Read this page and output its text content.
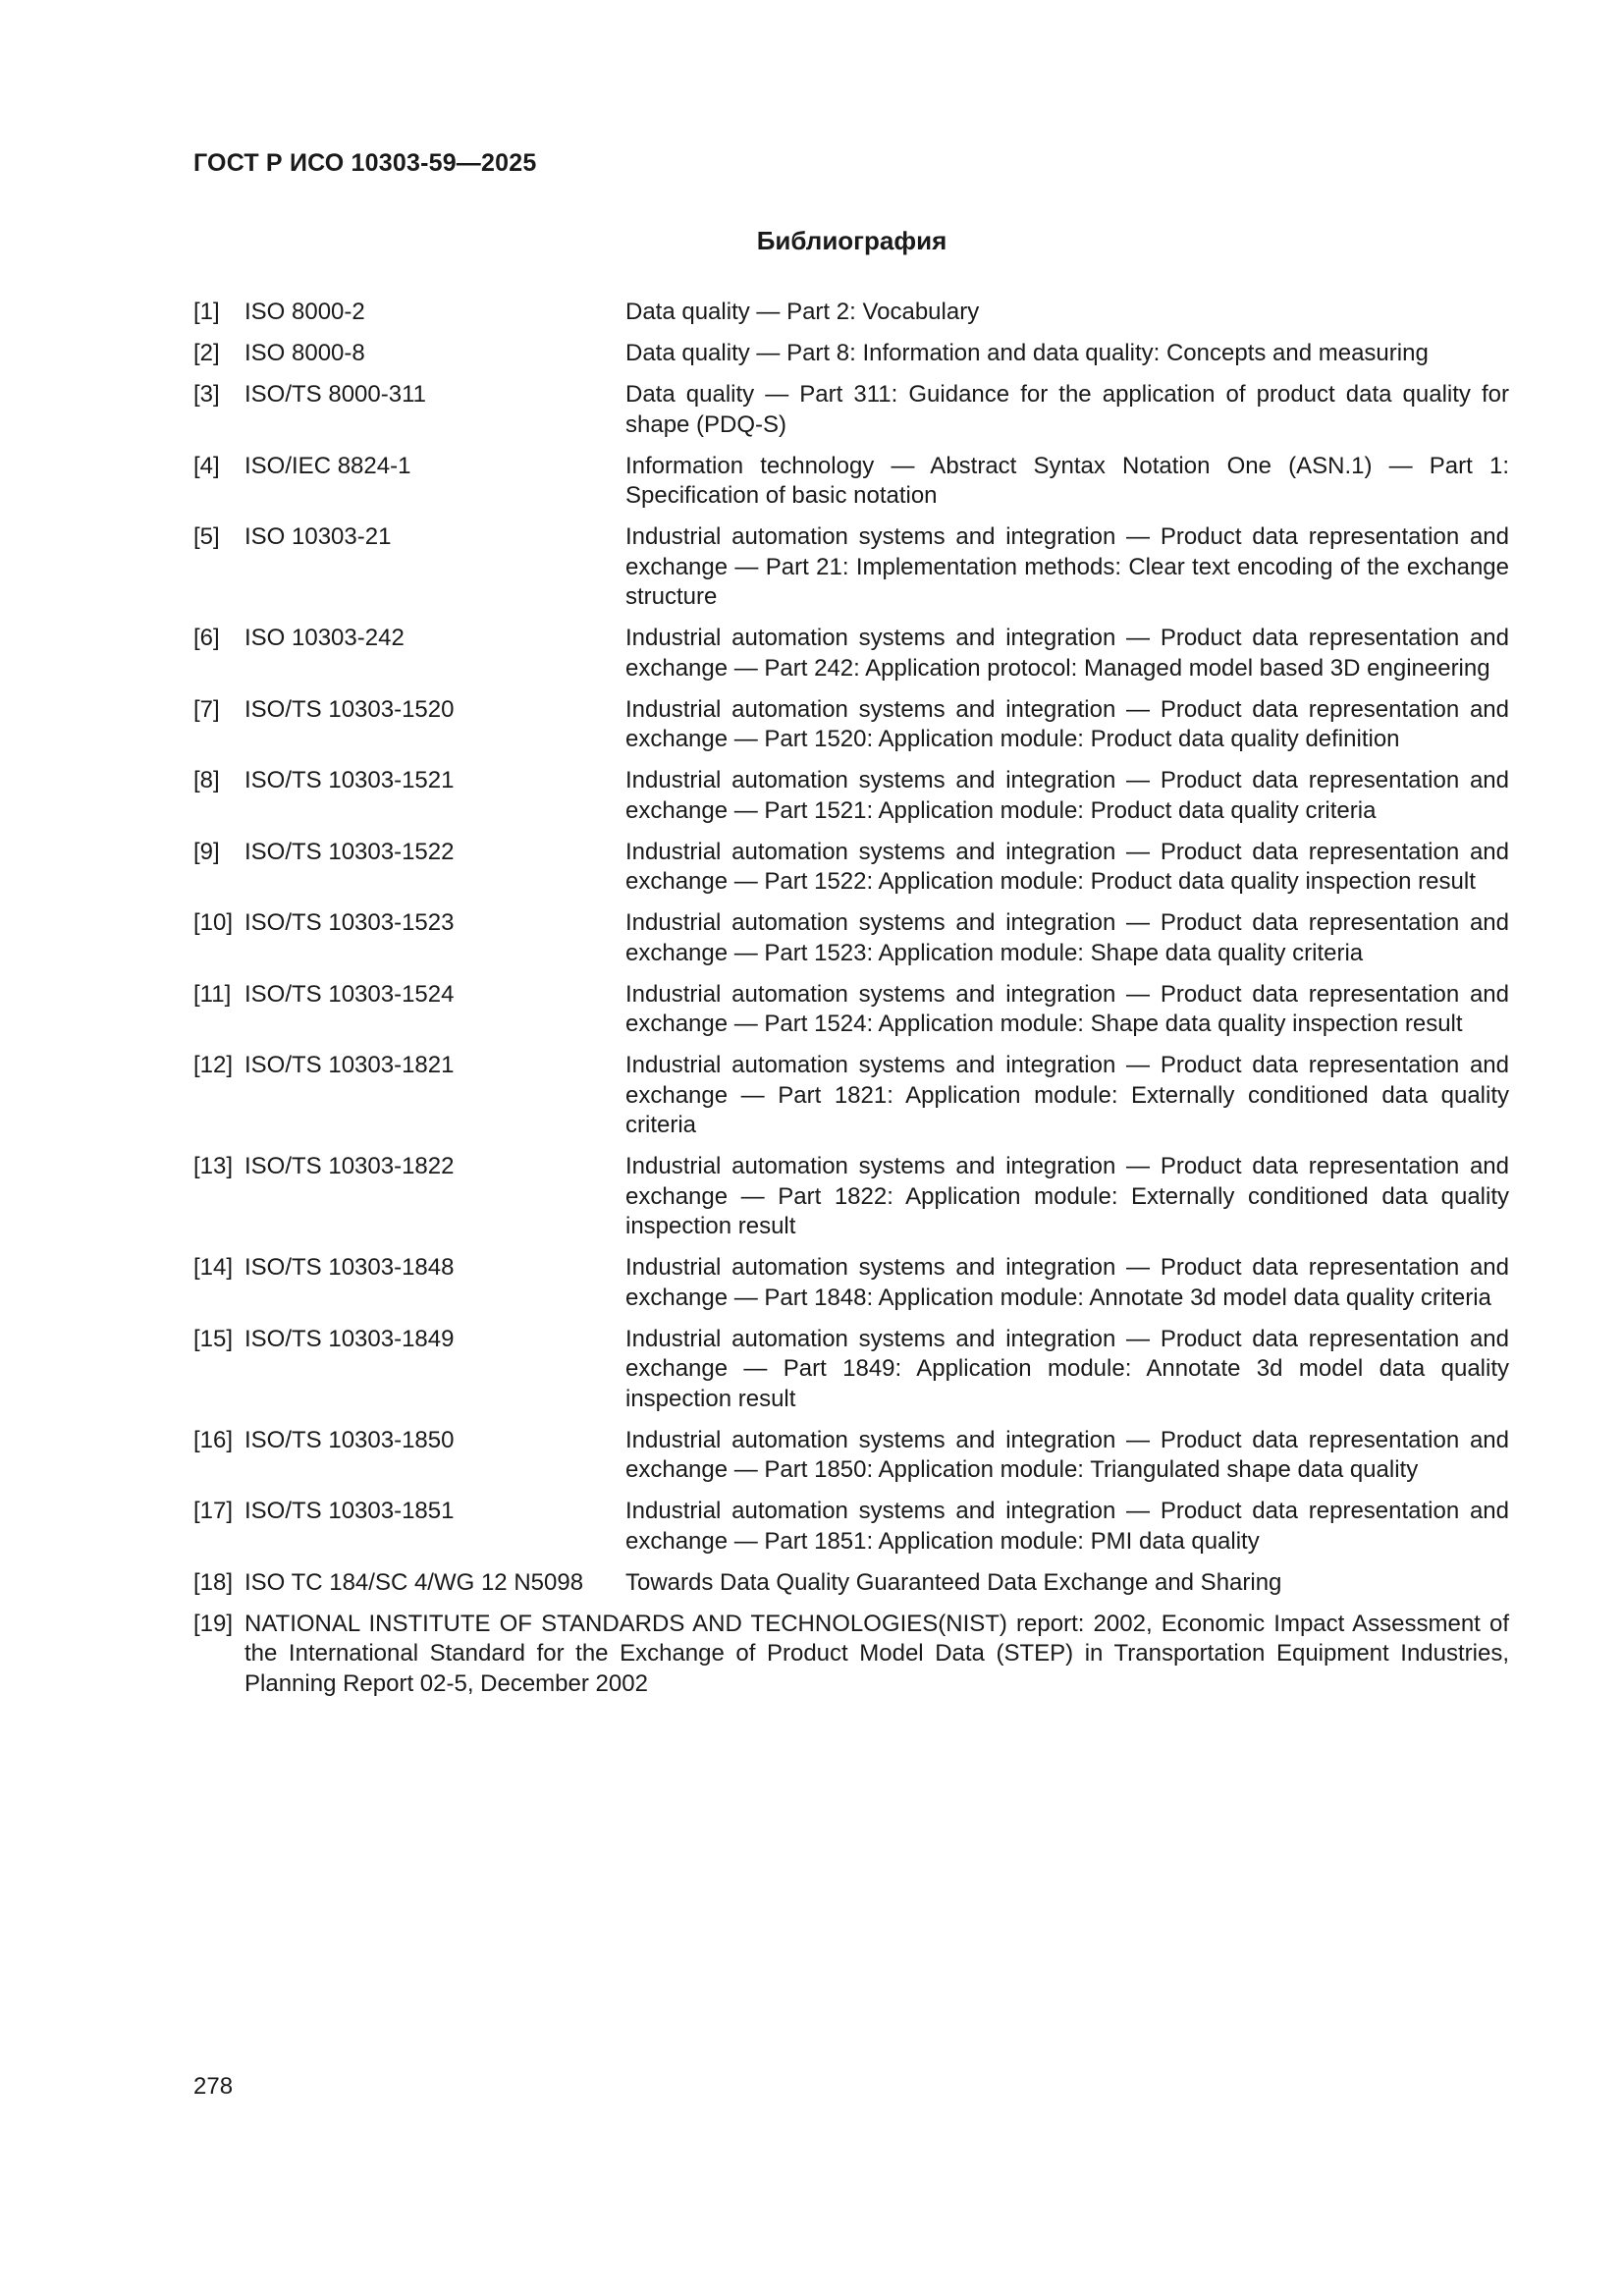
ГОСТ Р ИСО 10303-59—2025
Библиография
[1]	ISO 8000-2	Data quality — Part 2: Vocabulary
[2]	ISO 8000-8	Data quality — Part 8: Information and data quality: Concepts and measuring
[3]	ISO/TS 8000-311	Data quality — Part 311: Guidance for the application of product data quality for shape (PDQ-S)
[4]	ISO/IEC 8824-1	Information technology — Abstract Syntax Notation One (ASN.1) — Part 1: Specification of basic notation
[5]	ISO 10303-21	Industrial automation systems and integration — Product data representation and exchange — Part 21: Implementation methods: Clear text encoding of the exchange structure
[6]	ISO 10303-242	Industrial automation systems and integration — Product data representation and exchange — Part 242: Application protocol: Managed model based 3D engineering
[7]	ISO/TS 10303-1520	Industrial automation systems and integration — Product data representation and exchange — Part 1520: Application module: Product data quality definition
[8]	ISO/TS 10303-1521	Industrial automation systems and integration — Product data representation and exchange — Part 1521: Application module: Product data quality criteria
[9]	ISO/TS 10303-1522	Industrial automation systems and integration — Product data representation and exchange — Part 1522: Application module: Product data quality inspection result
[10] ISO/TS 10303-1523	Industrial automation systems and integration — Product data representation and exchange — Part 1523: Application module: Shape data quality criteria
[11] ISO/TS 10303-1524	Industrial automation systems and integration — Product data representation and exchange — Part 1524: Application module: Shape data quality inspection result
[12] ISO/TS 10303-1821	Industrial automation systems and integration — Product data representation and exchange — Part 1821: Application module: Externally conditioned data quality criteria
[13] ISO/TS 10303-1822	Industrial automation systems and integration — Product data representation and exchange — Part 1822: Application module: Externally conditioned data quality inspection result
[14] ISO/TS 10303-1848	Industrial automation systems and integration — Product data representation and exchange — Part 1848: Application module: Annotate 3d model data quality criteria
[15] ISO/TS 10303-1849	Industrial automation systems and integration — Product data representation and exchange — Part 1849: Application module: Annotate 3d model data quality inspection result
[16] ISO/TS 10303-1850	Industrial automation systems and integration — Product data representation and exchange — Part 1850: Application module: Triangulated shape data quality
[17] ISO/TS 10303-1851	Industrial automation systems and integration — Product data representation and exchange — Part 1851: Application module: PMI data quality
[18] ISO TC 184/SC 4/WG 12 N5098	Towards Data Quality Guaranteed Data Exchange and Sharing
[19] NATIONAL INSTITUTE OF STANDARDS AND TECHNOLOGIES(NIST) report: 2002, Economic Impact Assessment of the International Standard for the Exchange of Product Model Data (STEP) in Transportation Equipment Industries, Planning Report 02-5, December 2002
278
